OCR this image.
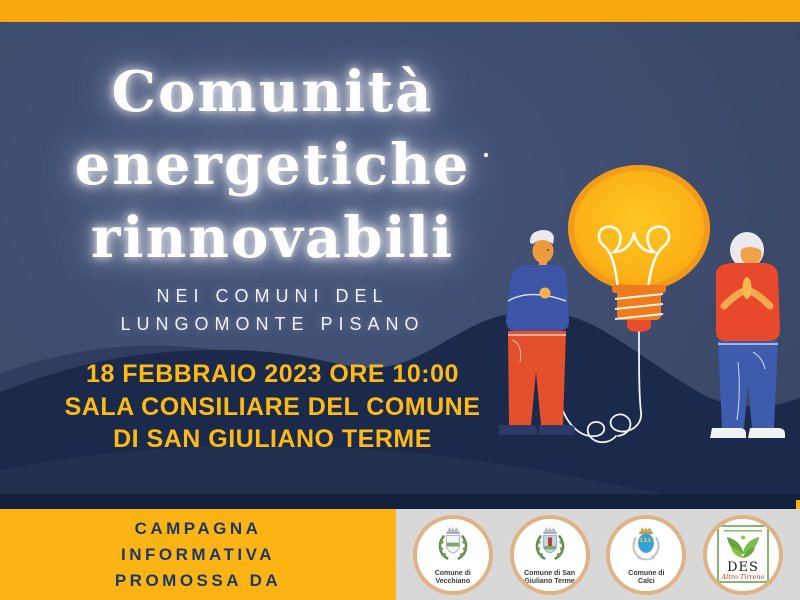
Comunità
energetiche
rinnovabili
NEI COMUNI DEL
LUNGOMONTE PISANO
18 FEBBRAIO 2023 ORE 10:00
SALA CONSILIARE DEL COMUNE
DI SAN GIULIANO TERME
CAMPAGNA
INFORMATIVA
PROMOSSA DA	Comune di
Vecchiano
Comune di San
Giuliano Terme
LLL
Comune di
Calci
DES
Altro Tirreno
